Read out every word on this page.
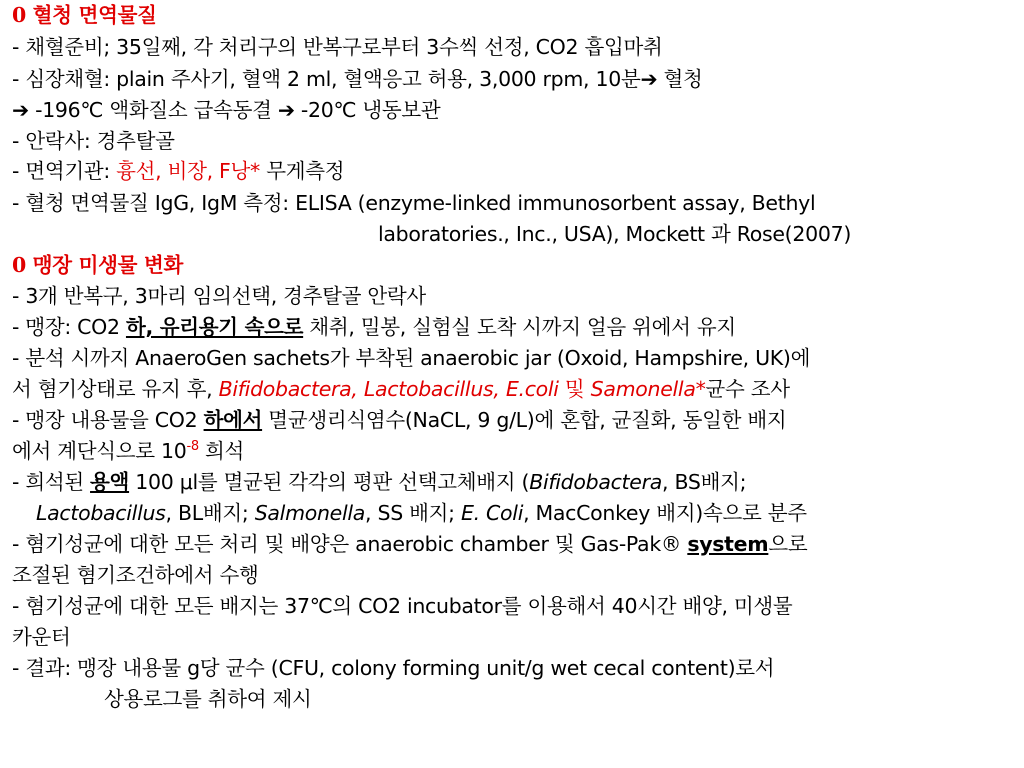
0 혈청 면역물질
- 채혈준비; 35일째, 각 처리구의 반복구로부터 3수씩 선정, CO2 흡입마취
- 심장채혈: plain 주사기, 혈액 2 ml, 혈액응고 허용, 3,000 rpm, 10분➔ 혈청
➔ -196℃ 액화질소 급속동결 ➔ -20℃ 냉동보관
- 안락사: 경추탈골
- 면역기관: 흉선, 비장, F낭* 무게측정
- 혈청 면역물질 IgG, IgM 측정: ELISA (enzyme-linked immunosorbent assay, Bethyl
laboratories., Inc., USA), Mockett 과 Rose(2007)
0 맹장 미생물 변화
- 3개 반복구, 3마리 임의선택, 경추탈골 안락사
- 맹장: CO2 하, 유리용기 속으로 채취, 밀봉, 실험실 도착 시까지 얼음 위에서 유지
- 분석 시까지 AnaeroGen sachets가 부착된 anaerobic jar (Oxoid, Hampshire, UK)에
서 혐기상태로 유지 후, Bifidobactera, Lactobacillus, E.coli 및 Samonella*균수 조사
- 맹장 내용물을 CO2 하에서 멸균생리식염수(NaCL, 9 g/L)에 혼합, 균질화, 동일한 배지
에서 계단식으로 $10^{-8}$ 희석
- 희석된 용액 100 μl를 멸균된 각각의 평판 선택고체배지 (Bifidobactera, BS배지;
Lactobacillus, BL배지; Salmonella, SS 배지; E. Coli, MacConkey 배지)속으로 분주
- 혐기성균에 대한 모든 처리 및 배양은 anaerobic chamber 및 Gas-Pak® system으로
조절된 혐기조건하에서 수행
- 혐기성균에 대한 모든 배지는 37℃의 CO2 incubator를 이용해서 40시간 배양, 미생물
카운터
- 결과: 맹장 내용물 g당 균수 (CFU, colony forming unit/g wet cecal content)로서
상용로그를 취하여 제시
